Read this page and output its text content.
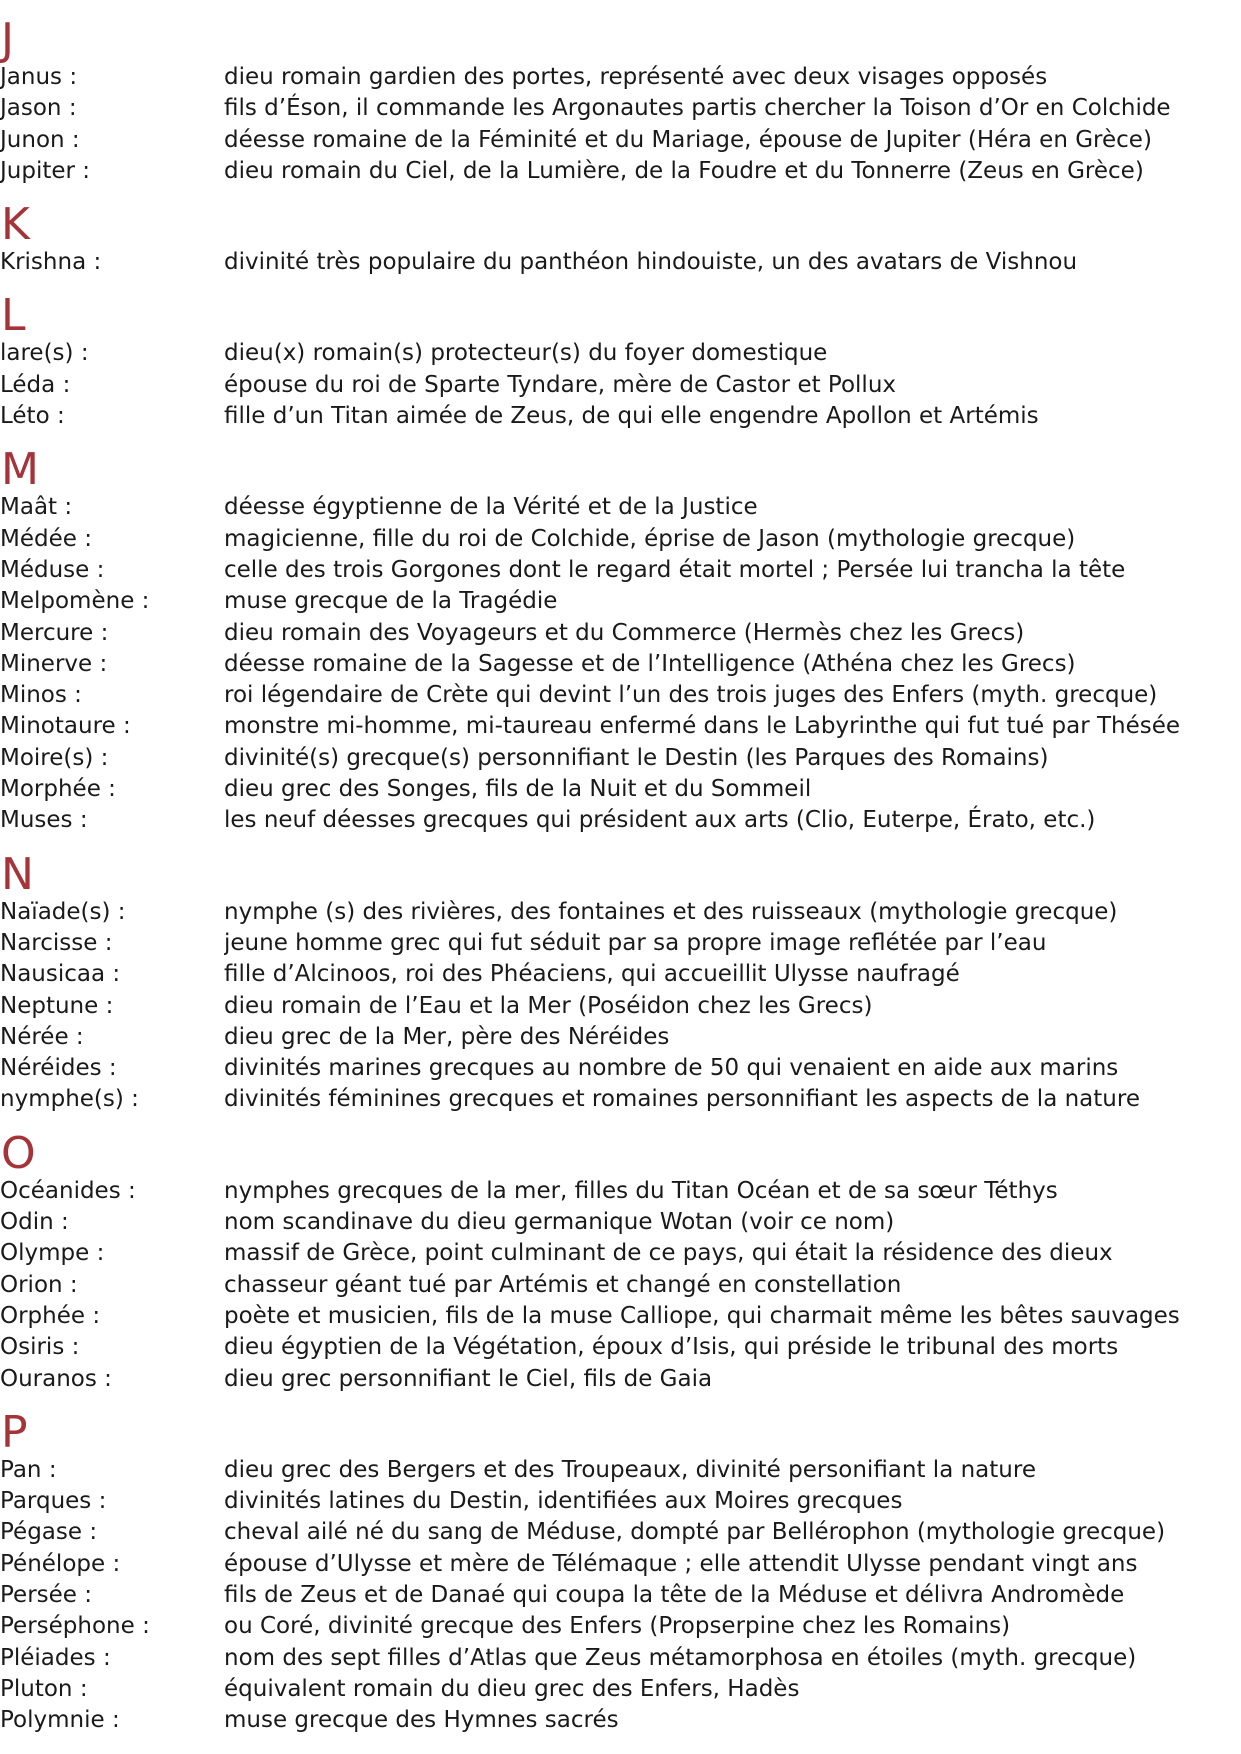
J
Janus :	dieu romain gardien des portes, représenté avec deux visages opposés
Jason :	fils d’Éson, il commande les Argonautes partis chercher la Toison d’Or en Colchide
Junon :	déesse romaine de la Féminité et du Mariage, épouse de Jupiter (Héra en Grèce)
Jupiter :	dieu romain du Ciel, de la Lumière, de la Foudre et du Tonnerre (Zeus en Grèce)
K
Krishna :	divinité très populaire du panthéon hindouiste, un des avatars de Vishnou
L
lare(s) :	dieu(x) romain(s) protecteur(s) du foyer domestique
Léda :	épouse du roi de Sparte Tyndare, mère de Castor et Pollux
Léto :	fille d’un Titan aimée de Zeus, de qui elle engendre Apollon et Artémis
M
Maât :	déesse égyptienne de la Vérité et de la Justice
Médée :	magicienne, fille du roi de Colchide, éprise de Jason (mythologie grecque)
Méduse :	celle des trois Gorgones dont le regard était mortel ; Persée lui trancha la tête
Melpomène :	muse grecque de la Tragédie
Mercure :	dieu romain des Voyageurs et du Commerce (Hermès chez les Grecs)
Minerve :	déesse romaine de la Sagesse et de l’Intelligence (Athéna chez les Grecs)
Minos :	roi légendaire de Crète qui devint l’un des trois juges des Enfers (myth. grecque)
Minotaure :	monstre mi-homme, mi-taureau enfermé dans le Labyrinthe qui fut tué par Thésée
Moire(s) :	divinité(s) grecque(s) personnifiant le Destin (les Parques des Romains)
Morphée :	dieu grec des Songes, fils de la Nuit et du Sommeil
Muses :	les neuf déesses grecques qui président aux arts (Clio, Euterpe, Érato, etc.)
N
Naïade(s) :	nymphe (s) des rivières, des fontaines et des ruisseaux (mythologie grecque)
Narcisse :	jeune homme grec qui fut séduit par sa propre image reflétée par l’eau
Nausicaa :	fille d’Alcinoos, roi des Phéaciens, qui accueillit Ulysse naufragé
Neptune :	dieu romain de l’Eau et la Mer (Poséidon chez les Grecs)
Nérée :	dieu grec de la Mer, père des Néréides
Néréides :	divinités marines grecques au nombre de 50 qui venaient en aide aux marins
nymphe(s) :	divinités féminines grecques et romaines personnifiant les aspects de la nature
O
Océanides :	nymphes grecques de la mer, filles du Titan Océan et de sa sœur Téthys
Odin :	nom scandinave du dieu germanique Wotan (voir ce nom)
Olympe :	massif de Grèce, point culminant de ce pays, qui était la résidence des dieux
Orion :	chasseur géant tué par Artémis et changé en constellation
Orphée :	poète et musicien, fils de la muse Calliope, qui charmait même les bêtes sauvages
Osiris :	dieu égyptien de la Végétation, époux d’Isis, qui préside le tribunal des morts
Ouranos :	dieu grec personnifiant le Ciel, fils de Gaia
P
Pan :	dieu grec des Bergers et des Troupeaux, divinité personifiant la nature
Parques :	divinités latines du Destin, identifiées aux Moires grecques
Pégase :	cheval ailé né du sang de Méduse, dompté par Bellérophon (mythologie grecque)
Pénélope :	épouse d’Ulysse et mère de Télémaque ; elle attendit Ulysse pendant vingt ans
Persée :	fils de Zeus et de Danaé qui coupa la tête de la Méduse et délivra Andromède
Perséphone :	ou Coré, divinité grecque des Enfers (Propserpine chez les Romains)
Pléiades :	nom des sept filles d’Atlas que Zeus métamorphosa en étoiles (myth. grecque)
Pluton :	équivalent romain du dieu grec des Enfers, Hadès
Polymnie :	muse grecque des Hymnes sacrés
